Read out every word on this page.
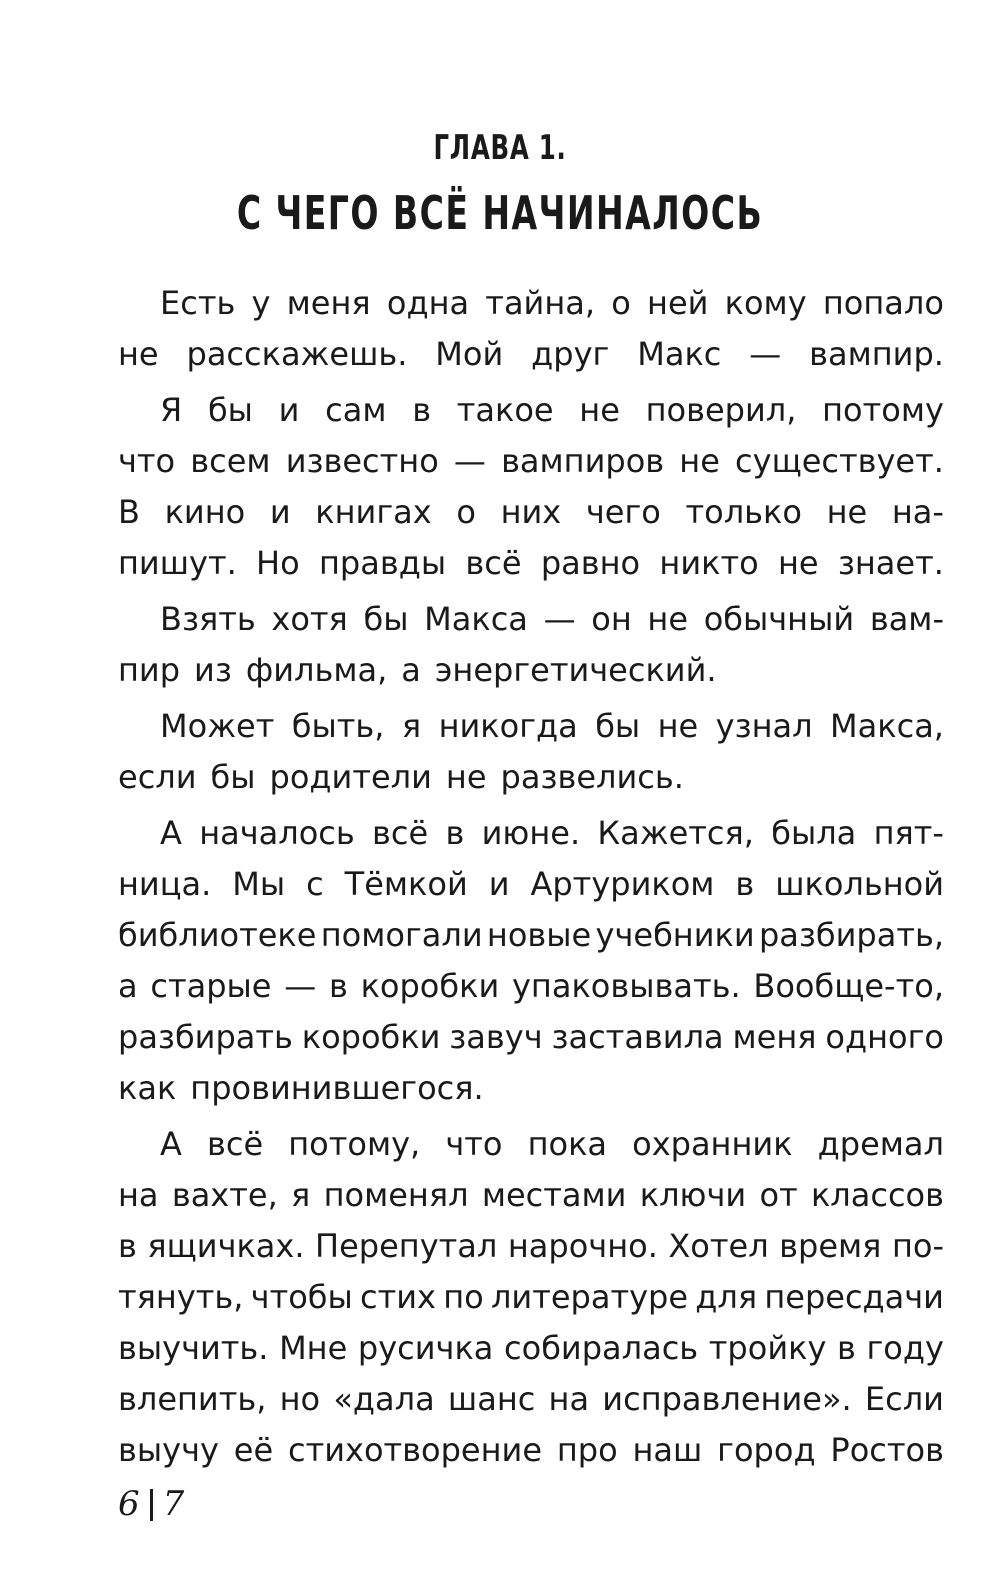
ГЛАВА 1.
С ЧЕГО ВСЁ НАЧИНАЛОСЬ
Есть у меня одна тайна, о ней кому попало
не расскажешь. Мой друг Макс — вампир.
Я бы и сам в такое не поверил, потому
что всем известно — вампиров не существует.
В кино и книгах о них чего только не на-
пишут. Но правды всё равно никто не знает.
Взять хотя бы Макса — он не обычный вам-
пир из фильма, а энергетический.
Может быть, я никогда бы не узнал Макса,
если бы родители не развелись.
А началось всё в июне. Кажется, была пят-
ница. Мы с Тёмкой и Артуриком в школьной
библиотеке помогали новые учебники разбирать,
а старые — в коробки упаковывать. Вообще-то,
разбирать коробки завуч заставила меня одного
как провинившегося.
А всё потому, что пока охранник дремал
на вахте, я поменял местами ключи от классов
в ящичках. Перепутал нарочно. Хотел время по-
тянуть, чтобы стих по литературе для пересдачи
выучить. Мне русичка собиралась тройку в году
влепить, но «дала шанс на исправление». Если
выучу её стихотворение про наш город Ростов
6 7
